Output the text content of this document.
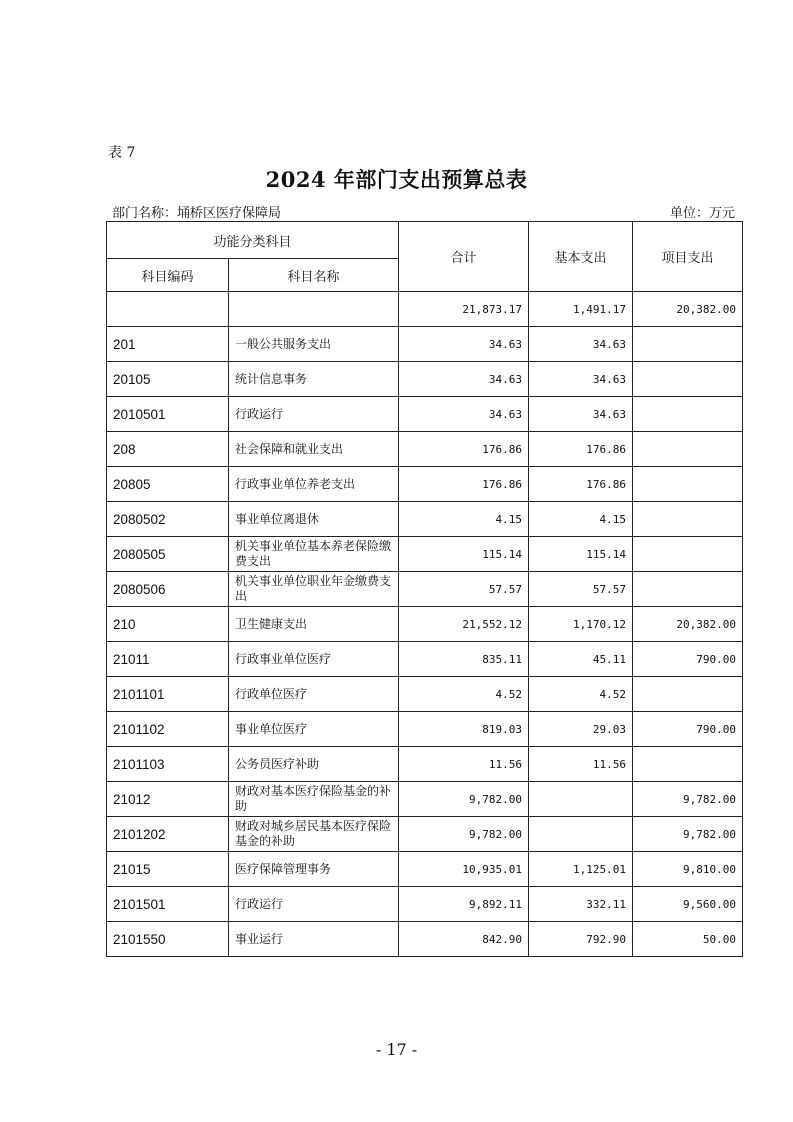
表 7
2024 年部门支出预算总表
部门名称：埇桥区医疗保障局	单位：万元
功能分类科目		合计	基本支出	项目支出
科目编码	科目名称			
		21,873.17	1,491.17	20,382.00
201	一般公共服务支出	34.63	34.63	
20105	统计信息事务	34.63	34.63	
2010501	行政运行	34.63	34.63	
208	社会保障和就业支出	176.86	176.86	
20805	行政事业单位养老支出	176.86	176.86	
2080502	事业单位离退休	4.15	4.15	
2080505	机关事业单位基本养老保险缴费支出	115.14	115.14	
2080506	机关事业单位职业年金缴费支出	57.57	57.57	
210	卫生健康支出	21,552.12	1,170.12	20,382.00
21011	行政事业单位医疗	835.11	45.11	790.00
2101101	行政单位医疗	4.52	4.52	
2101102	事业单位医疗	819.03	29.03	790.00
2101103	公务员医疗补助	11.56	11.56	
21012	财政对基本医疗保险基金的补助	9,782.00		9,782.00
2101202	财政对城乡居民基本医疗保险基金的补助	9,782.00		9,782.00
21015	医疗保障管理事务	10,935.01	1,125.01	9,810.00
2101501	行政运行	9,892.11	332.11	9,560.00
2101550	事业运行	842.90	792.90	50.00
- 17 -
